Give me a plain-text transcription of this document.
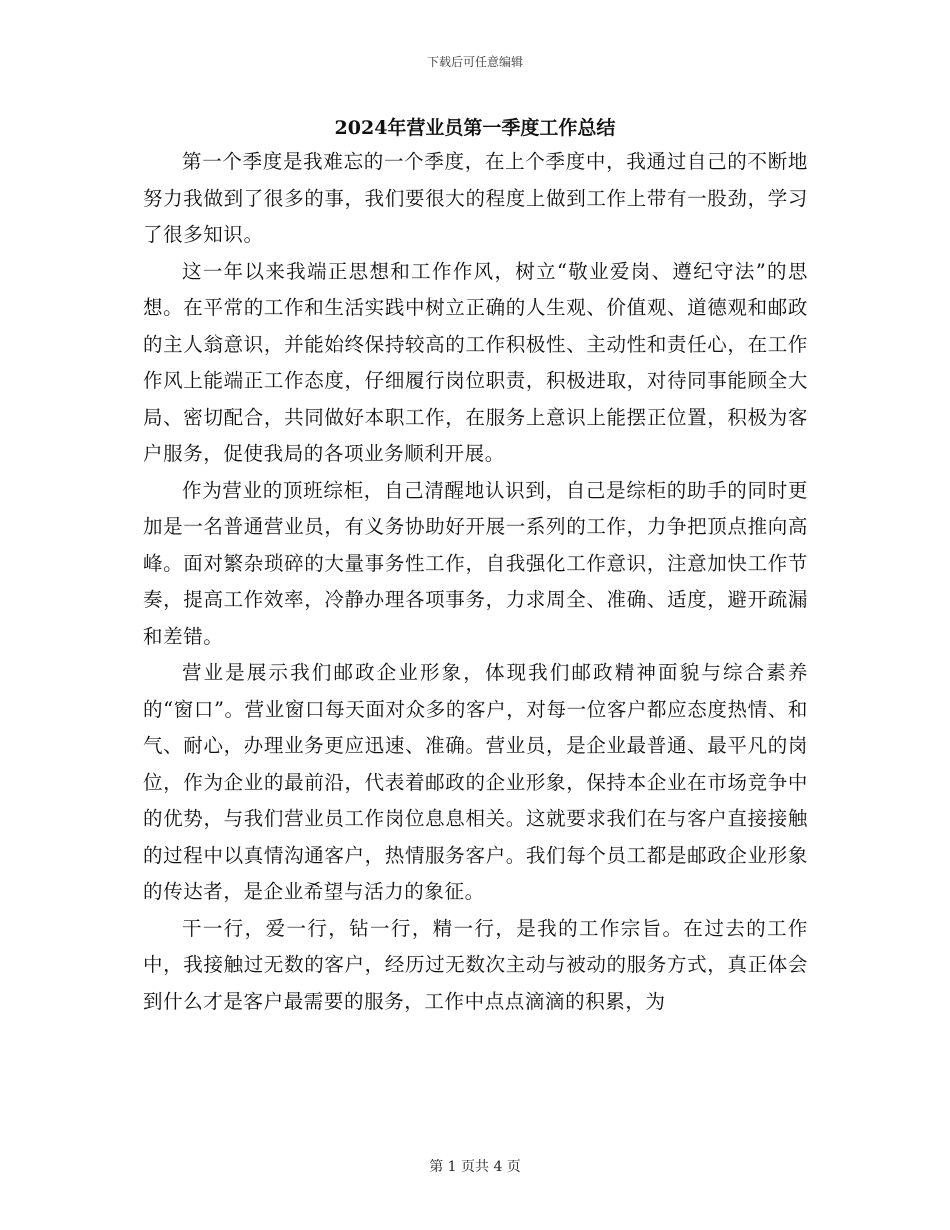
下载后可任意编辑
2024年营业员第一季度工作总结

第一个季度是我难忘的一个季度，在上个季度中，我通过自己的不断地努力我做到了很多的事，我们要很大的程度上做到工作上带有一股劲，学习了很多知识。

这一年以来我端正思想和工作作风，树立“敬业爱岗、遵纪守法”的思想。在平常的工作和生活实践中树立正确的人生观、价值观、道德观和邮政的主人翁意识，并能始终保持较高的工作积极性、主动性和责任心，在工作作风上能端正工作态度，仔细履行岗位职责，积极进取，对待同事能顾全大局、密切配合，共同做好本职工作，在服务上意识上能摆正位置，积极为客户服务，促使我局的各项业务顺利开展。

作为营业的顶班综柜，自己清醒地认识到，自己是综柜的助手的同时更加是一名普通营业员，有义务协助好开展一系列的工作，力争把顶点推向高峰。面对繁杂琐碎的大量事务性工作，自我强化工作意识，注意加快工作节奏，提高工作效率，冷静办理各项事务，力求周全、准确、适度，避开疏漏和差错。

营业是展示我们邮政企业形象，体现我们邮政精神面貌与综合素养的“窗口”。营业窗口每天面对众多的客户，对每一位客户都应态度热情、和气、耐心，办理业务更应迅速、准确。营业员，是企业最普通、最平凡的岗位，作为企业的最前沿，代表着邮政的企业形象，保持本企业在市场竞争中的优势，与我们营业员工作岗位息息相关。这就要求我们在与客户直接接触的过程中以真情沟通客户，热情服务客户。我们每个员工都是邮政企业形象的传达者，是企业希望与活力的象征。

干一行，爱一行，钻一行，精一行，是我的工作宗旨。在过去的工作中，我接触过无数的客户，经历过无数次主动与被动的服务方式，真正体会到什么才是客户最需要的服务，工作中点点滴滴的积累，为

第 1 页共 4 页
